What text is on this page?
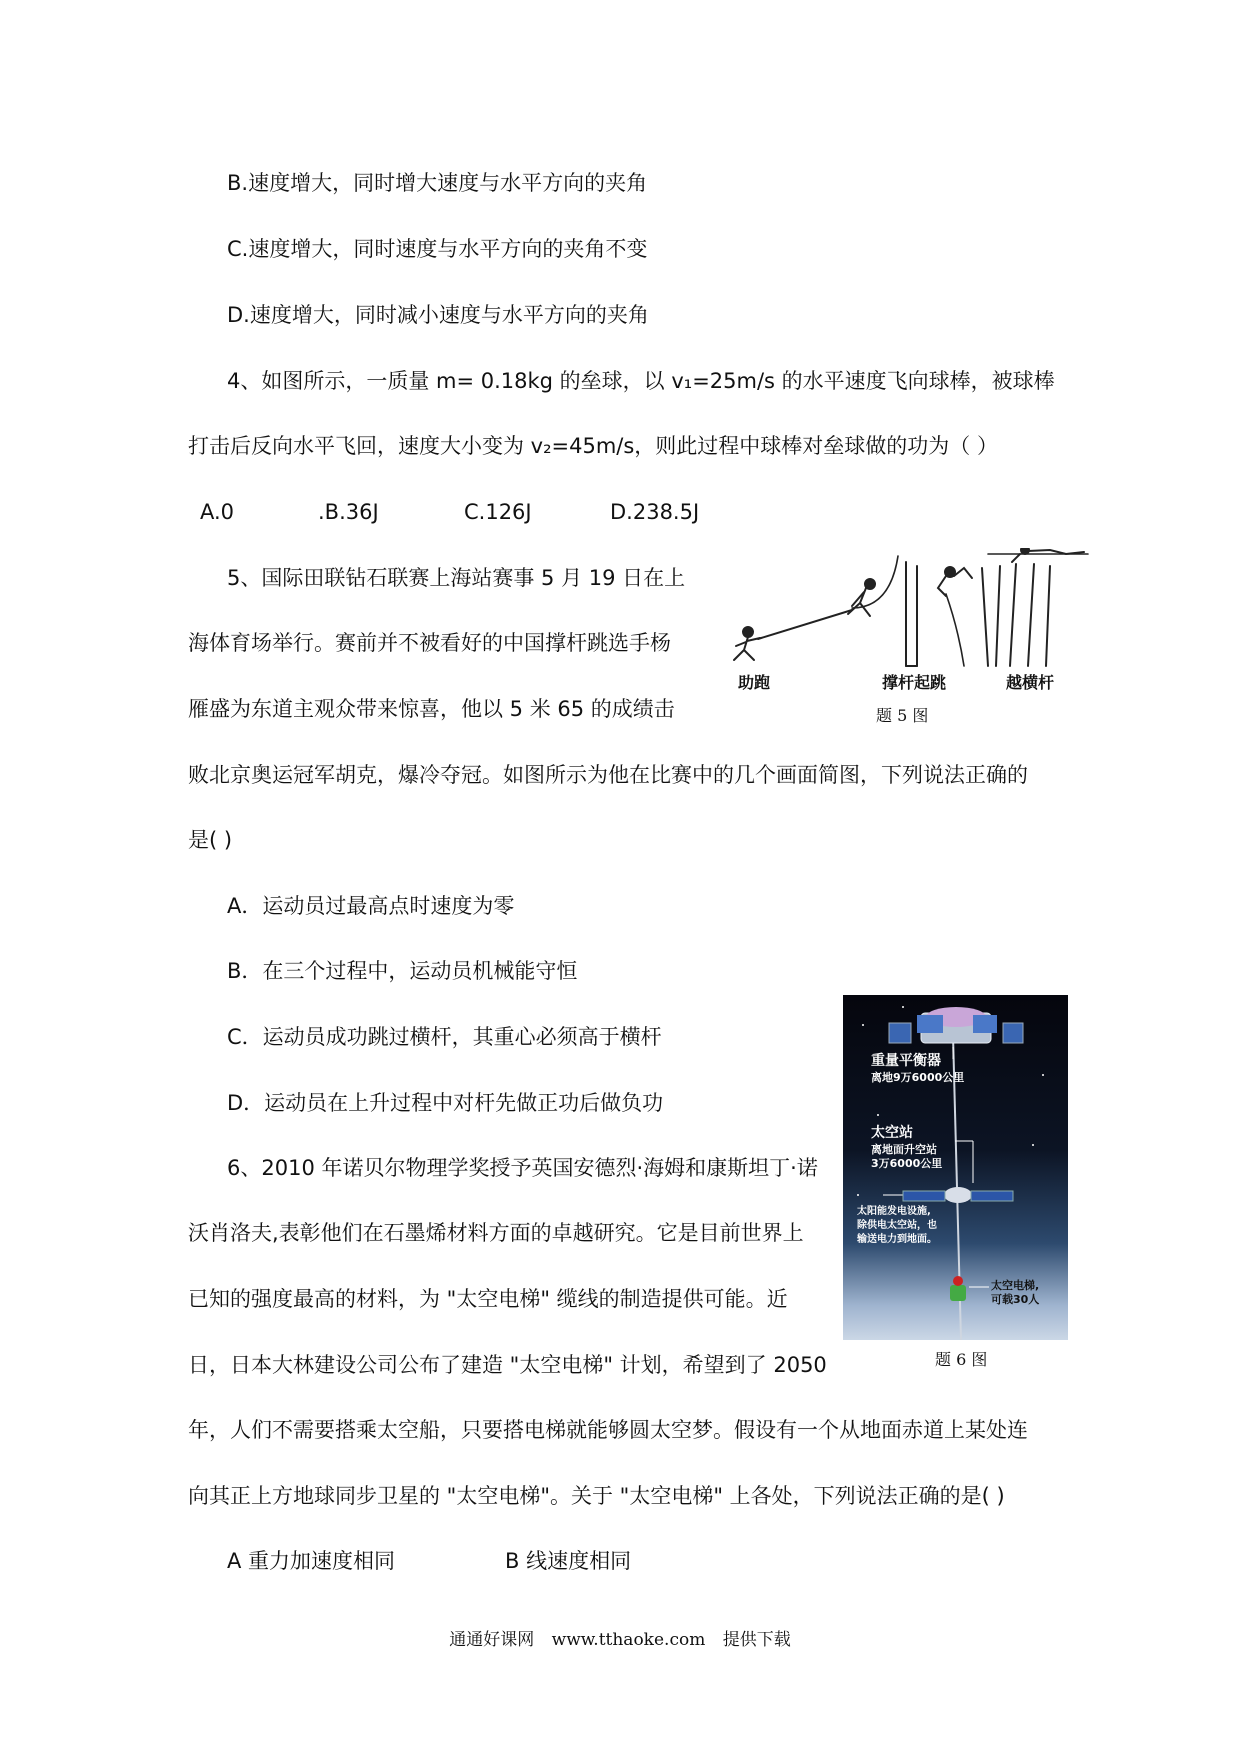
B.速度增大，同时增大速度与水平方向的夹角
C.速度增大，同时速度与水平方向的夹角不变
D.速度增大，同时减小速度与水平方向的夹角
4、如图所示，一质量 m= 0.18kg 的垒球，以 v₁=25m/s 的水平速度飞向球棒，被球棒
打击后反向水平飞回，速度大小变为 v₂=45m/s，则此过程中球棒对垒球做的功为（ ）
A.0	.B.36J	C.126J	D.238.5J
5、国际田联钻石联赛上海站赛事 5 月 19 日在上
海体育场举行。赛前并不被看好的中国撑杆跳选手杨
雁盛为东道主观众带来惊喜，他以 5 米 65 的成绩击
败北京奥运冠军胡克，爆冷夺冠。如图所示为他在比赛中的几个画面简图，下列说法正确的
是( )
A．运动员过最高点时速度为零
B．在三个过程中，运动员机械能守恒
C．运动员成功跳过横杆，其重心必须高于横杆
D．运动员在上升过程中对杆先做正功后做负功
助跑	撑杆起跳	越横杆
题 5 图
重量平衡器
离地9万6000公里
太空站
离地面升空站
3万6000公里
太阳能发电设施,
除供电太空站，也
输送电力到地面。
太空电梯,
可载30人
题 6 图
6、2010 年诺贝尔物理学奖授予英国安德烈·海姆和康斯坦丁·诺
沃肖洛夫,表彰他们在石墨烯材料方面的卓越研究。它是目前世界上
已知的强度最高的材料，为 "太空电梯" 缆线的制造提供可能。近
日，日本大林建设公司公布了建造 "太空电梯" 计划，希望到了 2050
年，人们不需要搭乘太空船，只要搭电梯就能够圆太空梦。假设有一个从地面赤道上某处连
向其正上方地球同步卫星的 "太空电梯"。关于 "太空电梯" 上各处，下列说法正确的是( )
A 重力加速度相同	B 线速度相同
通通好课网 www.tthaoke.com 提供下载
